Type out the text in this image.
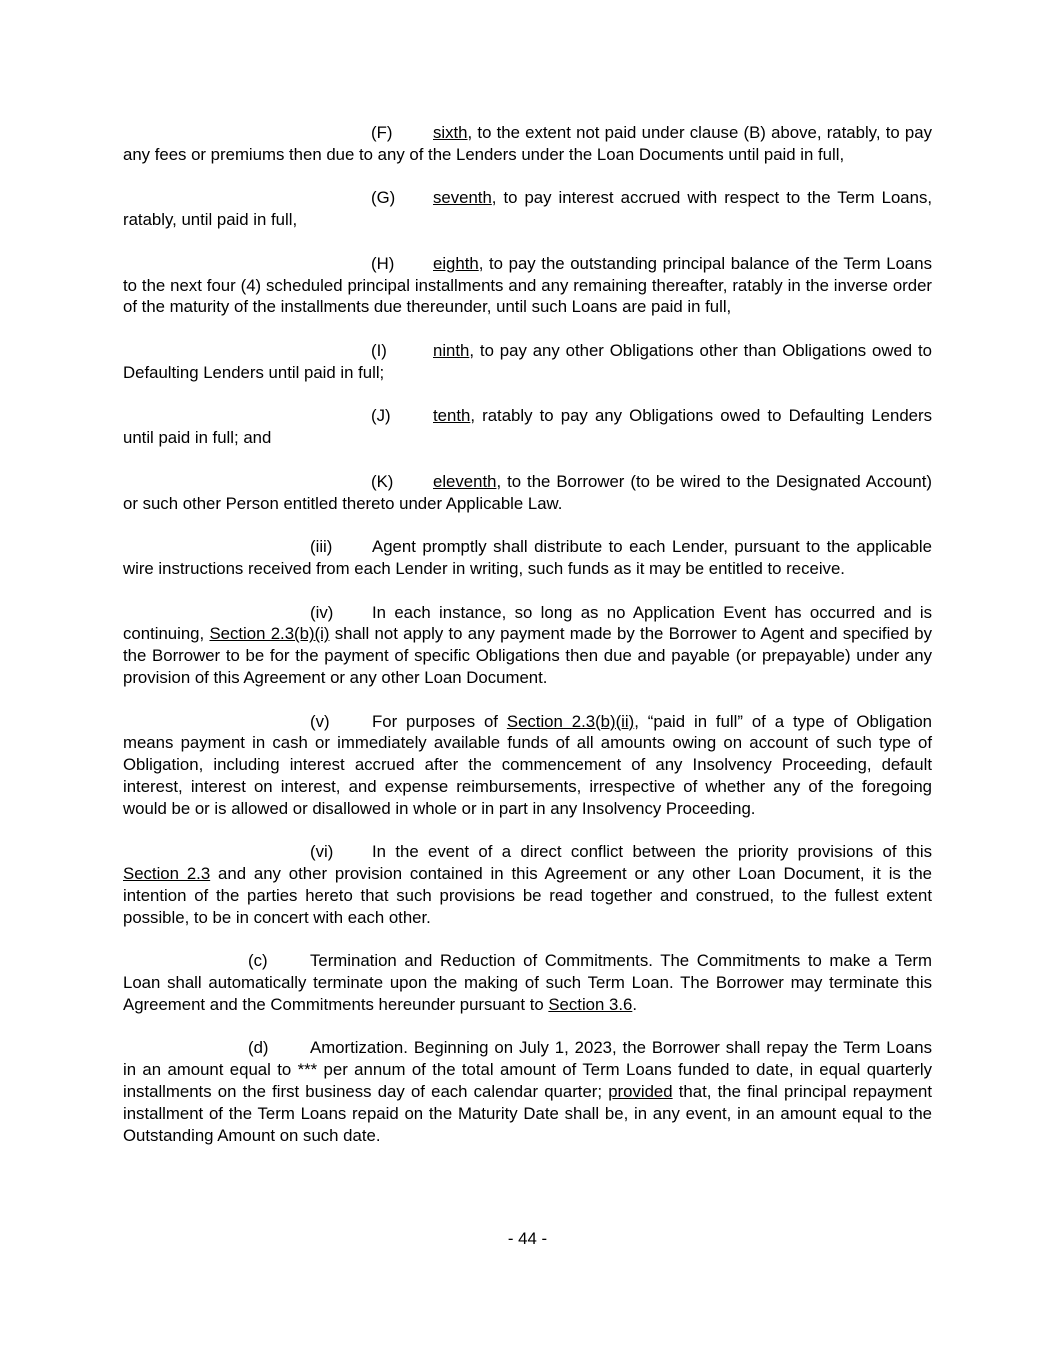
(F) sixth, to the extent not paid under clause (B) above, ratably, to pay any fees or premiums then due to any of the Lenders under the Loan Documents until paid in full,

(G) seventh, to pay interest accrued with respect to the Term Loans, ratably, until paid in full,

(H) eighth, to pay the outstanding principal balance of the Term Loans to the next four (4) scheduled principal installments and any remaining thereafter, ratably in the inverse order of the maturity of the installments due thereunder, until such Loans are paid in full,

(I)	ninth, to pay any other Obligations other than Obligations owed to Defaulting Lenders until paid in full;

(J)	tenth, ratably to pay any Obligations owed to Defaulting Lenders until paid in full; and

(K) eleventh, to the Borrower (to be wired to the Designated Account) or such other Person entitled thereto under Applicable Law.

(iii) Agent promptly shall distribute to each Lender, pursuant to the applicable wire instructions received from each Lender in writing, such funds as it may be entitled to receive.

(iv) In each instance, so long as no Application Event has occurred and is continuing, Section 2.3(b)(i) shall not apply to any payment made by the Borrower to Agent and specified by the Borrower to be for the payment of specific Obligations then due and payable (or prepayable) under any provision of this Agreement or any other Loan Document.

(v)	For purposes of Section 2.3(b)(ii), “paid in full” of a type of Obligation means payment in cash or immediately available funds of all amounts owing on account of such type of Obligation, including interest accrued after the commencement of any Insolvency Proceeding, default interest, interest on interest, and expense reimbursements, irrespective of whether any of the foregoing would be or is allowed or disallowed in whole or in part in any Insolvency Proceeding.

(vi) In the event of a direct conflict between the priority provisions of this Section 2.3 and any other provision contained in this Agreement or any other Loan Document, it is the intention of the parties hereto that such provisions be read together and construed, to the fullest extent possible, to be in concert with each other.

(c)	Termination and Reduction of Commitments. The Commitments to make a Term Loan shall automatically terminate upon the making of such Term Loan. The Borrower may terminate this Agreement and the Commitments hereunder pursuant to Section 3.6.

(d) Amortization. Beginning on July 1, 2023, the Borrower shall repay the Term Loans in an amount equal to *** per annum of the total amount of Term Loans funded to date, in equal quarterly installments on the first business day of each calendar quarter; provided that, the final principal repayment installment of the Term Loans repaid on the Maturity Date shall be, in any event, in an amount equal to the Outstanding Amount on such date.

- 44 -
